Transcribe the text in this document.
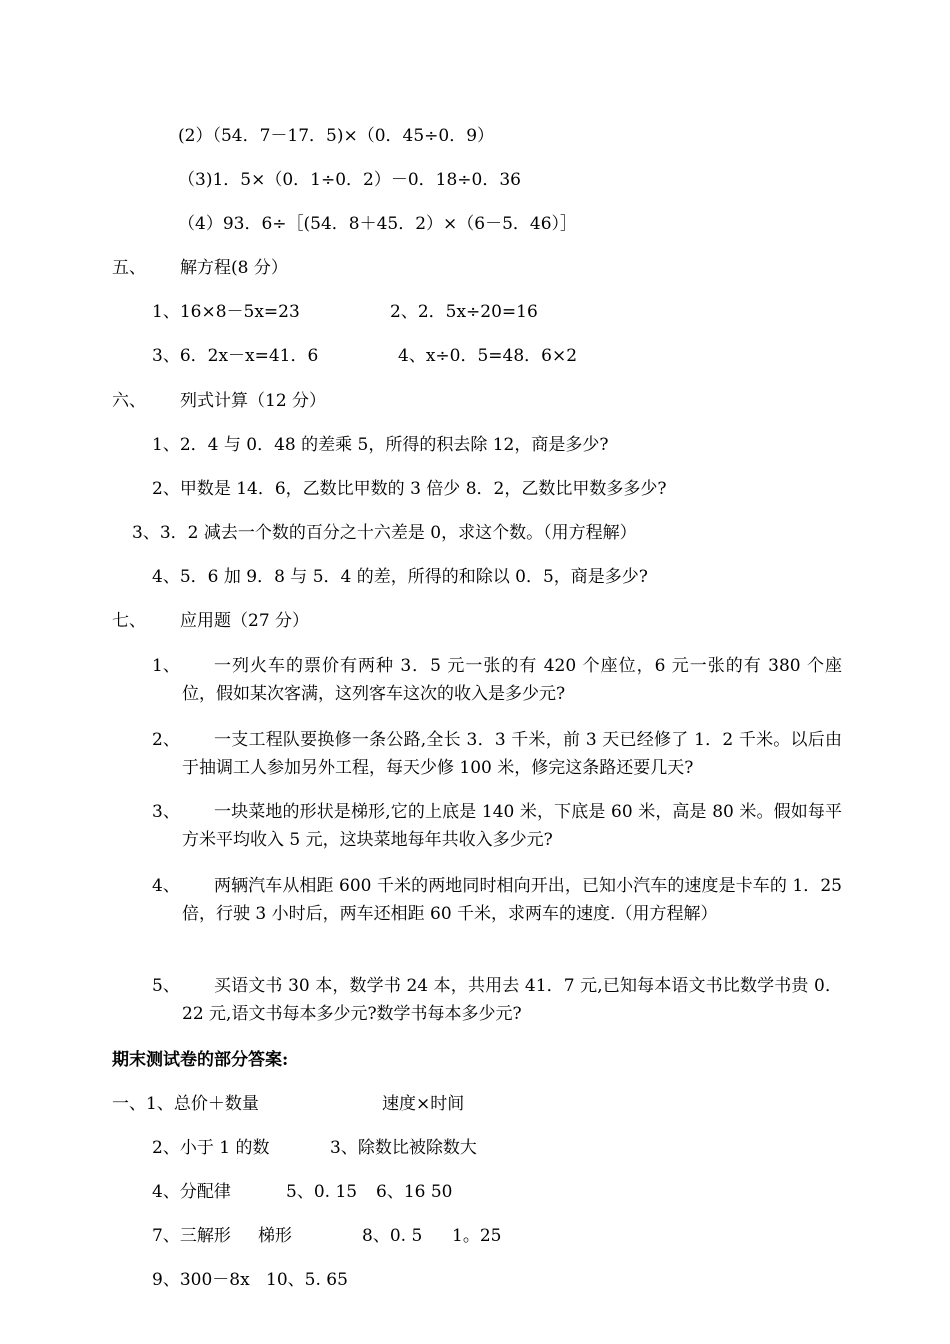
(2）（54．7－17．5)×（0．45÷0．9）
（3)1．5×（0．1÷0．2）－0．18÷0．36
（4）93．6÷［(54．8＋45．2）×（6－5．46）］
五、 解方程(8 分）
1、16×8－5x=23	2、2．5x÷20=16
3、6．2x－x=41．6	4、x÷0．5=48．6×2
六、 列式计算（12 分）
1、2．4 与 0．48 的差乘 5，所得的积去除 12，商是多少?
2、甲数是 14．6，乙数比甲数的 3 倍少 8．2，乙数比甲数多多少?
3、3．2 减去一个数的百分之十六差是 0，求这个数。（用方程解）
4、5．6 加 9．8 与 5．4 的差，所得的和除以 0．5，商是多少?
七、 应用题（27 分）
1、	一列火车的票价有两种 3．5 元一张的有 420 个座位，6 元一张的有 380 个座位，假如某次客满，这列客车这次的收入是多少元?
2、	一支工程队要换修一条公路,全长 3．3 千米，前 3 天已经修了 1．2 千米。以后由于抽调工人参加另外工程，每天少修 100 米，修完这条路还要几天?
3、	一块菜地的形状是梯形,它的上底是 140 米，下底是 60 米，高是 80 米。假如每平方米平均收入 5 元，这块菜地每年共收入多少元?
4、	两辆汽车从相距 600 千米的两地同时相向开出，已知小汽车的速度是卡车的 1．25 倍，行驶 3 小时后，两车还相距 60 千米，求两车的速度.（用方程解）
5、	买语文书 30 本，数学书 24 本，共用去 41．7 元,已知每本语文书比数学书贵 0．22 元,语文书每本多少元?数学书每本多少元?
期末测试卷的部分答案:
一、1、总价＋数量	速度×时间
2、小于 1 的数	3、除数比被除数大
4、分配律	5、0. 15 6、16 50
7、三解形 梯形	8、0. 5 1。25
9、300－8x 10、5. 65
